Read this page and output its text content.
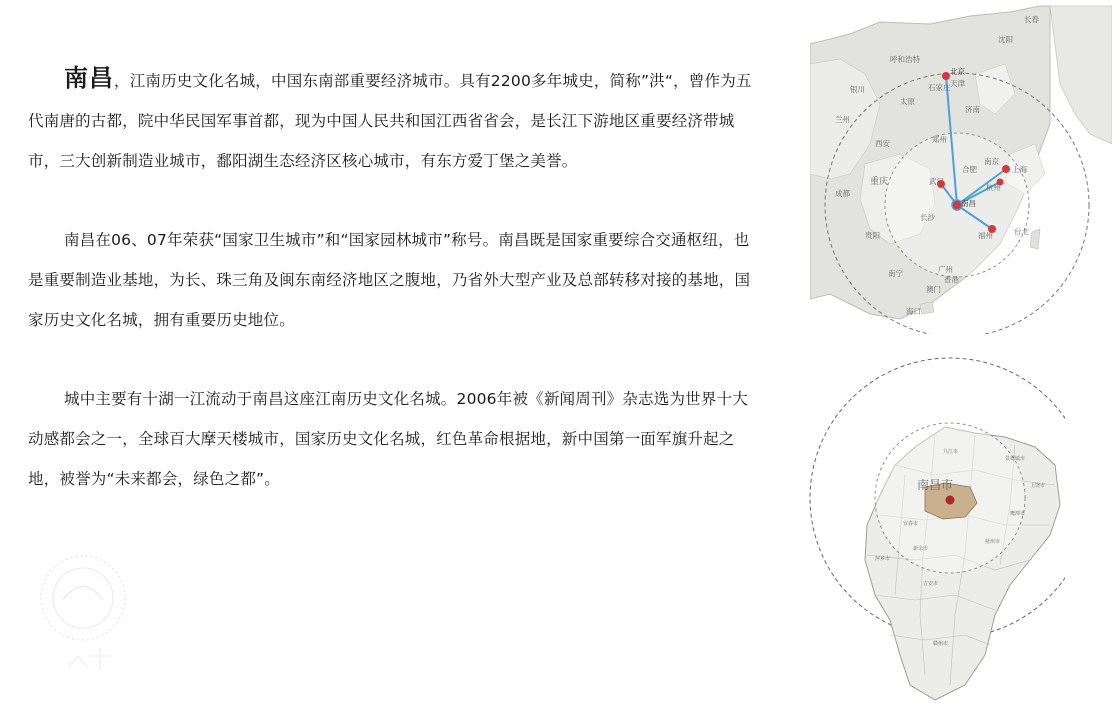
南昌，江南历史文化名城，中国东南部重要经济城市。具有2200多年城史，简称”洪“，曾作为五代南唐的古都，院中华民国军事首都，现为中国人民共和国江西省省会，是长江下游地区重要经济带城市，三大创新制造业城市，鄱阳湖生态经济区核心城市，有东方爱丁堡之美誉。

南昌在06、07年荣获“国家卫生城市”和“国家园林城市”称号。南昌既是国家重要综合交通枢纽，也是重要制造业基地，为长、珠三角及闽东南经济地区之腹地，乃省外大型产业及总部转移对接的基地，国家历史文化名城，拥有重要历史地位。

城中主要有十湖一江流动于南昌这座江南历史文化名城。2006年被《新闻周刊》杂志选为世界十大动感都会之一，全球百大摩天楼城市，国家历史文化名城，红色革命根据地，新中国第一面军旗升起之地，被誉为“未来都会，绿色之都”。

北京
天津
石家庄
太原
济南
郑州
西安
南京
合肥	上海
杭州
武汉
南昌
长沙
福州	台北
重庆
成都
贵阳
广州
香港
澳门
南宁
海口
长春
沈阳
呼和浩特
银川
兰州
南昌市
九江市
景德镇市
上饶市
鹰潭市
抚州市
宜春市
萍乡市
新余市
吉安市
赣州市
